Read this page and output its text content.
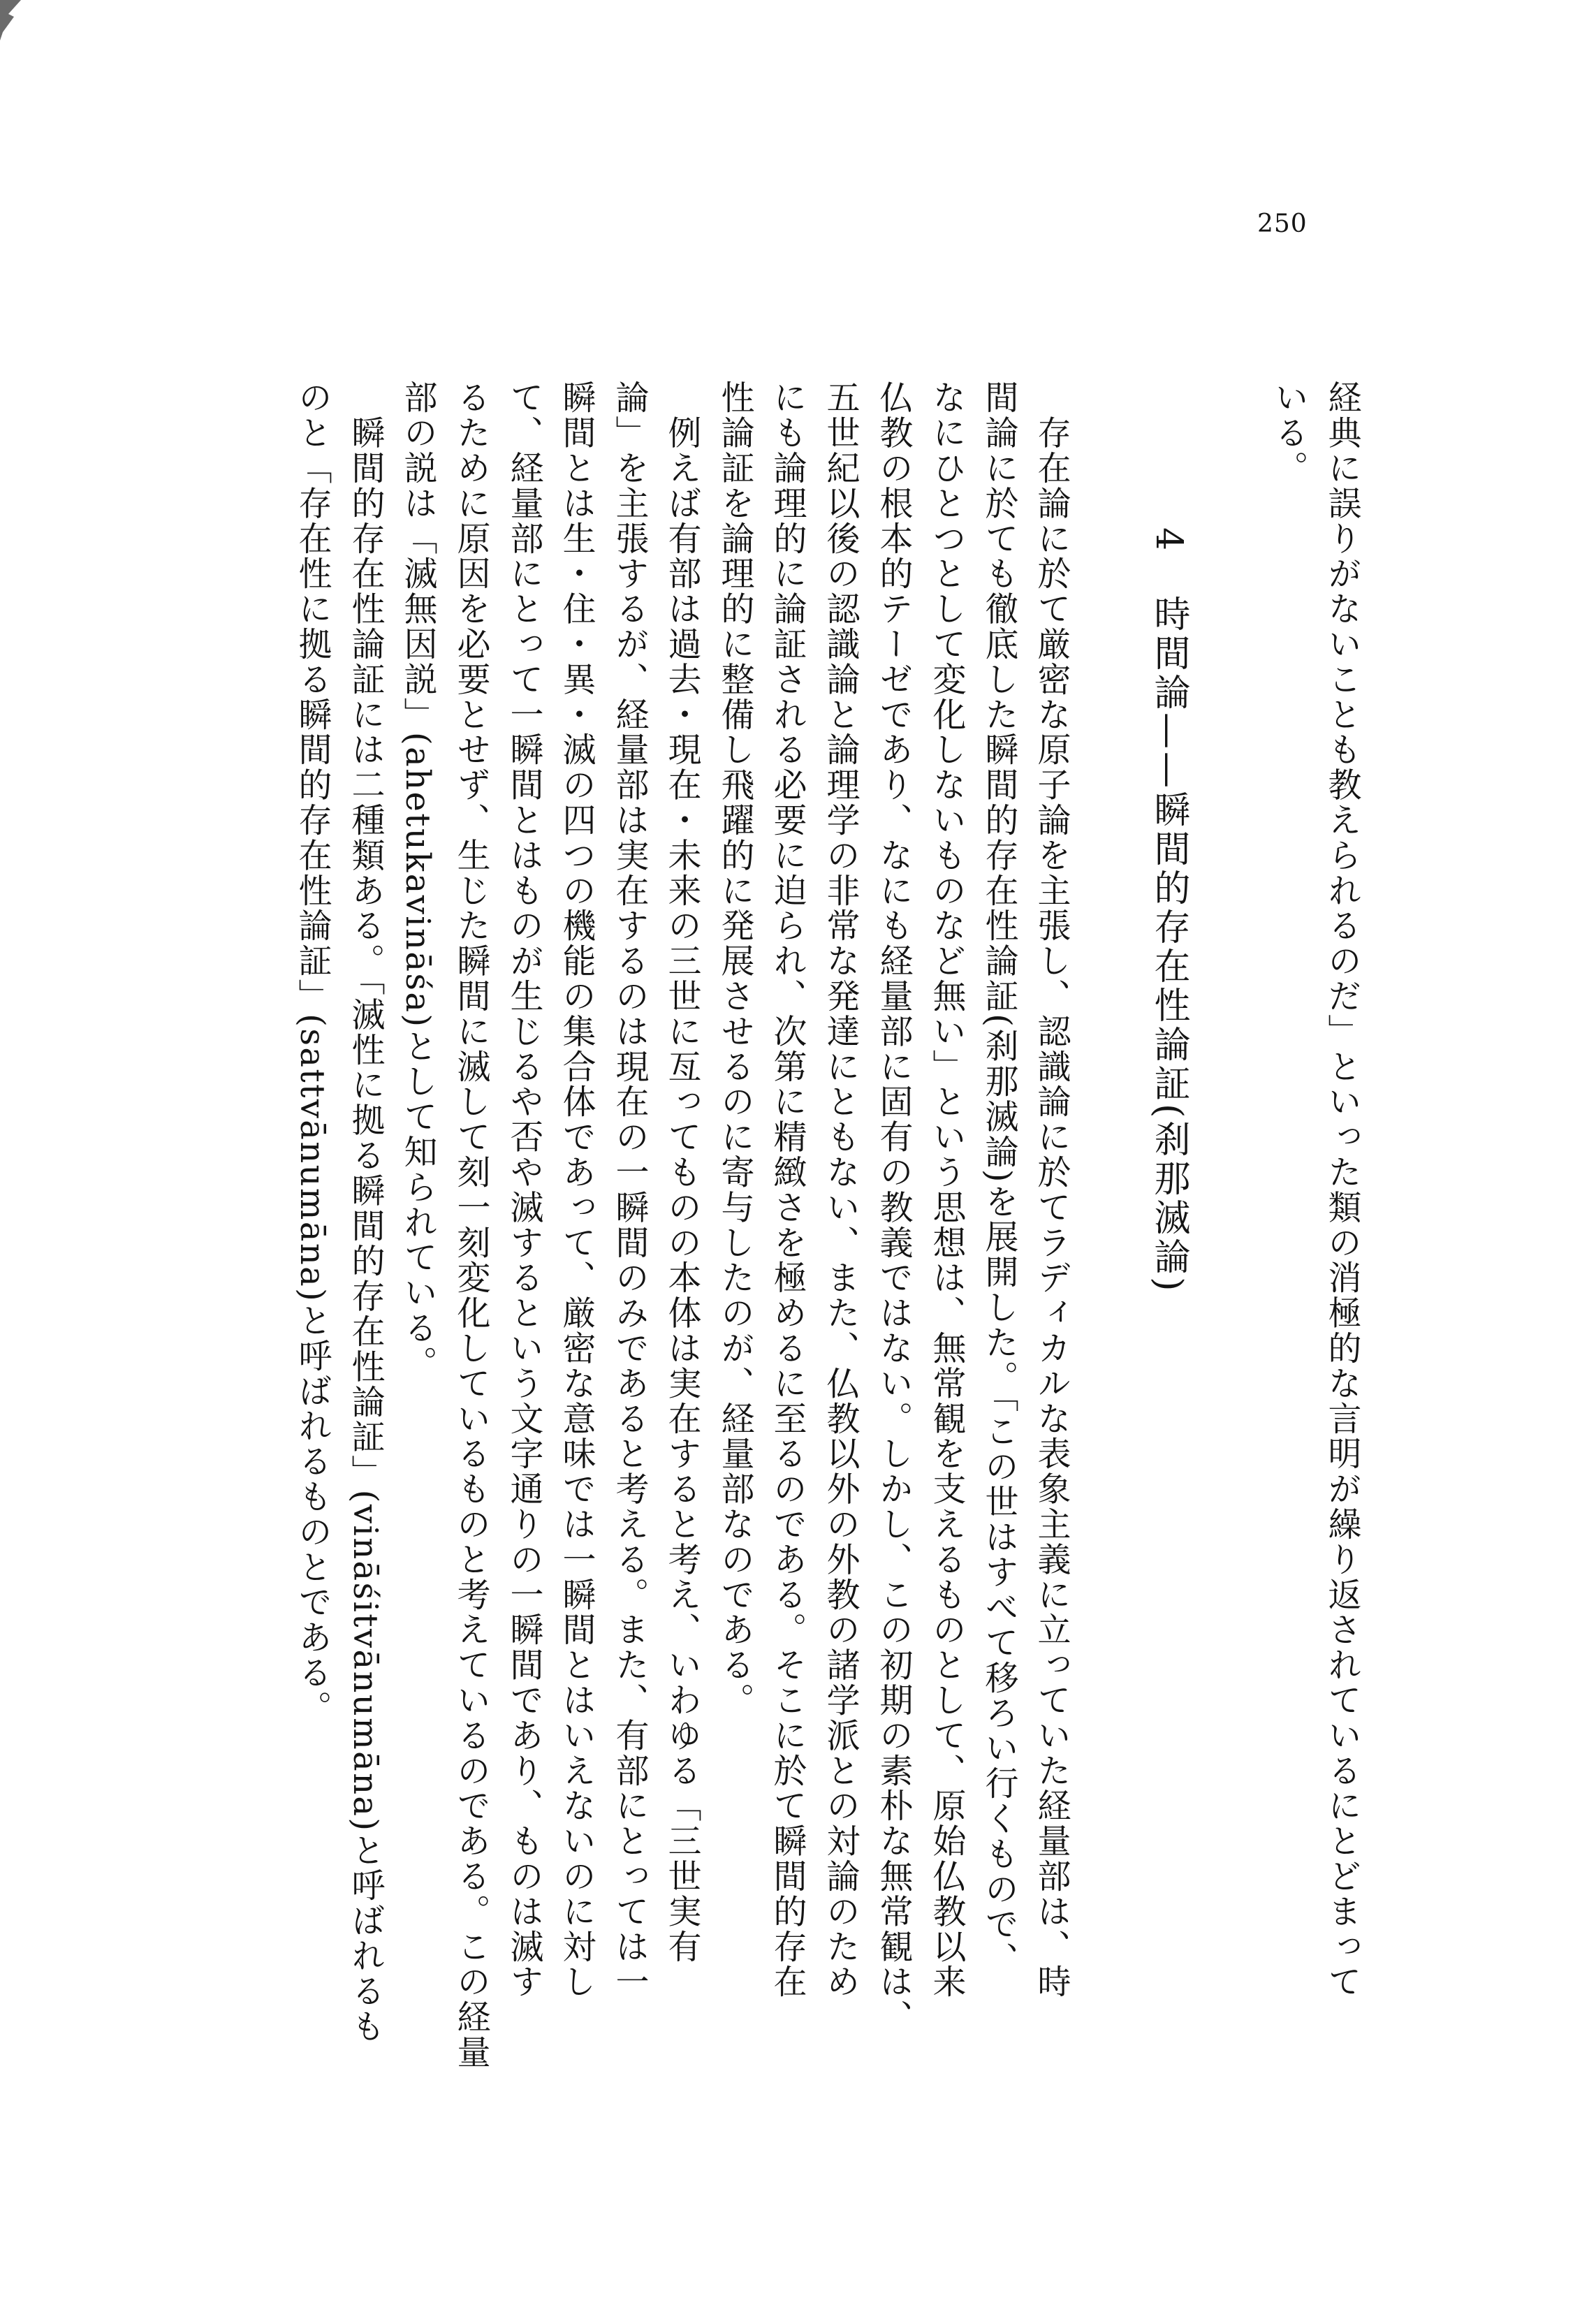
250
経典に誤りがないことも教えられるのだ」といった類の消極的な言明が繰り返されているにとどまって
いる。
4時間論——瞬間的存在性論証(刹那滅論)
　存在論に於て厳密な原子論を主張し、認識論に於てラディカルな表象主義に立っていた経量部は、時
間論に於ても徹底した瞬間的存在性論証(刹那滅論)を展開した。「この世はすべて移ろい行くもので、
なにひとつとして変化しないものなど無い」という思想は、無常観を支えるものとして、原始仏教以来
仏教の根本的テーゼであり、なにも経量部に固有の教義ではない。しかし、この初期の素朴な無常観は、
五世紀以後の認識論と論理学の非常な発達にともない、また、仏教以外の外教の諸学派との対論のため
にも論理的に論証される必要に迫られ、次第に精緻さを極めるに至るのである。そこに於て瞬間的存在
性論証を論理的に整備し飛躍的に発展させるのに寄与したのが、経量部なのである。
　例えば有部は過去・現在・未来の三世に亙ってものの本体は実在すると考え、いわゆる「三世実有
論」を主張するが、経量部は実在するのは現在の一瞬間のみであると考える。また、有部にとっては一
瞬間とは生・住・異・滅の四つの機能の集合体であって、厳密な意味では一瞬間とはいえないのに対し
て、経量部にとって一瞬間とはものが生じるや否や滅するという文字通りの一瞬間であり、ものは滅す
るために原因を必要とせず、生じた瞬間に滅して刻一刻変化しているものと考えているのである。この経量
部の説は「滅無因説」(ahetukavināśa)として知られている。
　瞬間的存在性論証には二種類ある。「滅性に拠る瞬間的存在性論証」(vināśitvānumāna)と呼ばれるも
のと「存在性に拠る瞬間的存在性論証」(sattvānumāna)と呼ばれるものとである。
